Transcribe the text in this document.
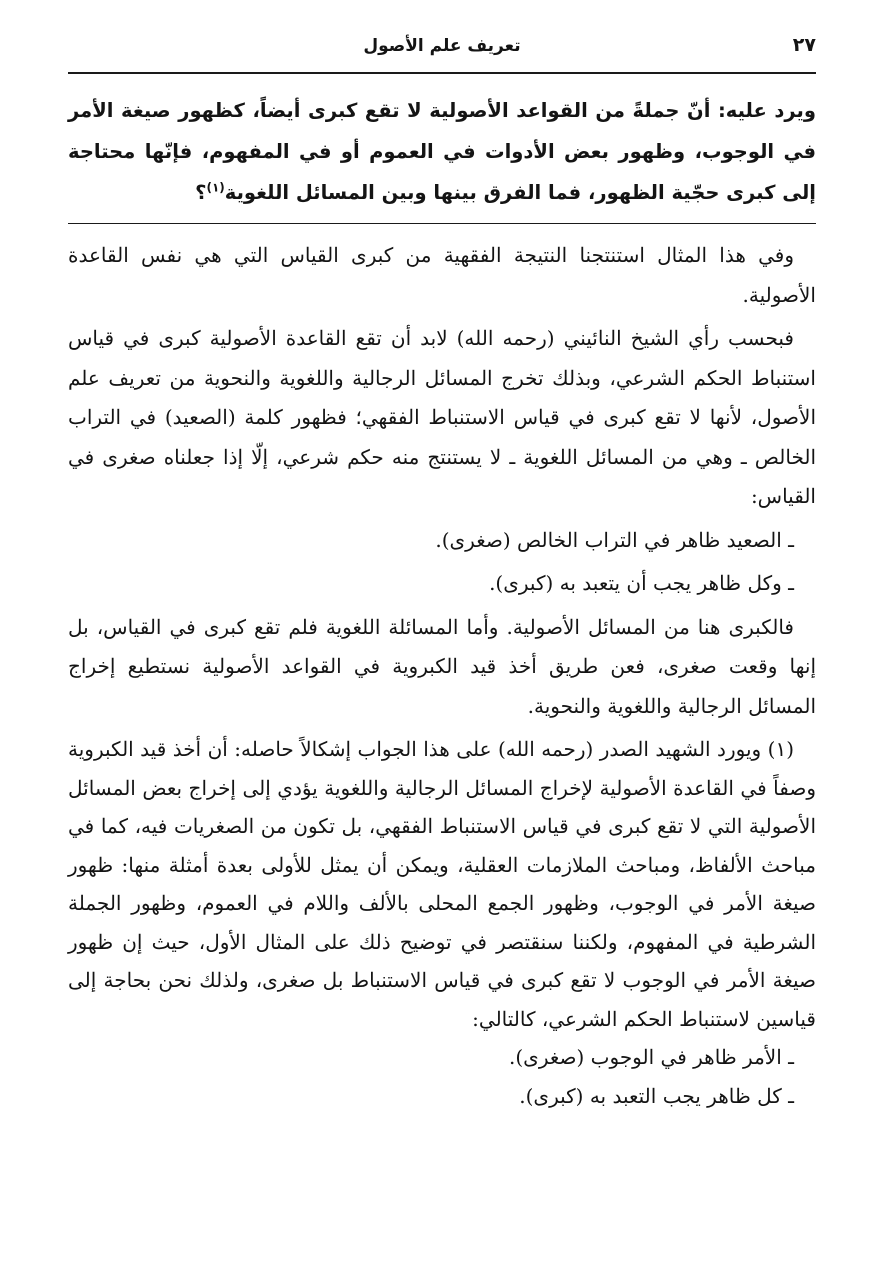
٢٧
تعريف علم الأصول
ويرد عليه: أنّ جملةً من القواعد الأصولية لا تقع كبرى أيضاً، كظهور صيغة الأمر في الوجوب، وظهور بعض الأدوات في العموم أو في المفهوم، فإنّها محتاجة إلى كبرى حجّية الظهور، فما الفرق بينها وبين المسائل اللغوية$^{(١)}$؟

وفي هذا المثال استنتجنا النتيجة الفقهية من كبرى القياس التي هي نفس القاعدة الأصولية.

فبحسب رأي الشيخ النائيني (رحمه الله) لابد أن تقع القاعدة الأصولية كبرى في قياس استنباط الحكم الشرعي، وبذلك تخرج المسائل الرجالية واللغوية والنحوية من تعريف علم الأصول، لأنها لا تقع كبرى في قياس الاستنباط الفقهي؛ فظهور كلمة (الصعيد) في التراب الخالص ـ وهي من المسائل اللغوية ـ لا يستنتج منه حكم شرعي، إلّا إذا جعلناه صغرى في القياس:

ـ الصعيد ظاهر في التراب الخالص (صغرى).

ـ وكل ظاهر يجب أن يتعبد به (كبرى).

فالكبرى هنا من المسائل الأصولية. وأما المسائلة اللغوية فلم تقع كبرى في القياس، بل إنها وقعت صغرى، فعن طريق أخذ قيد الكبروية في القواعد الأصولية نستطيع إخراج المسائل الرجالية واللغوية والنحوية.

(١) ويورد الشهيد الصدر (رحمه الله) على هذا الجواب إشكالاً حاصله: أن أخذ قيد الكبروية وصفاً في القاعدة الأصولية لإخراج المسائل الرجالية واللغوية يؤدي إلى إخراج بعض المسائل الأصولية التي لا تقع كبرى في قياس الاستنباط الفقهي، بل تكون من الصغريات فيه، كما في مباحث الألفاظ، ومباحث الملازمات العقلية، ويمكن أن يمثل للأولى بعدة أمثلة منها: ظهور صيغة الأمر في الوجوب، وظهور الجمع المحلى بالألف واللام في العموم، وظهور الجملة الشرطية في المفهوم، ولكننا سنقتصر في توضيح ذلك على المثال الأول، حيث إن ظهور صيغة الأمر في الوجوب لا تقع كبرى في قياس الاستنباط بل صغرى، ولذلك نحن بحاجة إلى قياسين لاستنباط الحكم الشرعي، كالتالي:

ـ الأمر ظاهر في الوجوب (صغرى).

ـ كل ظاهر يجب التعبد به (كبرى).
